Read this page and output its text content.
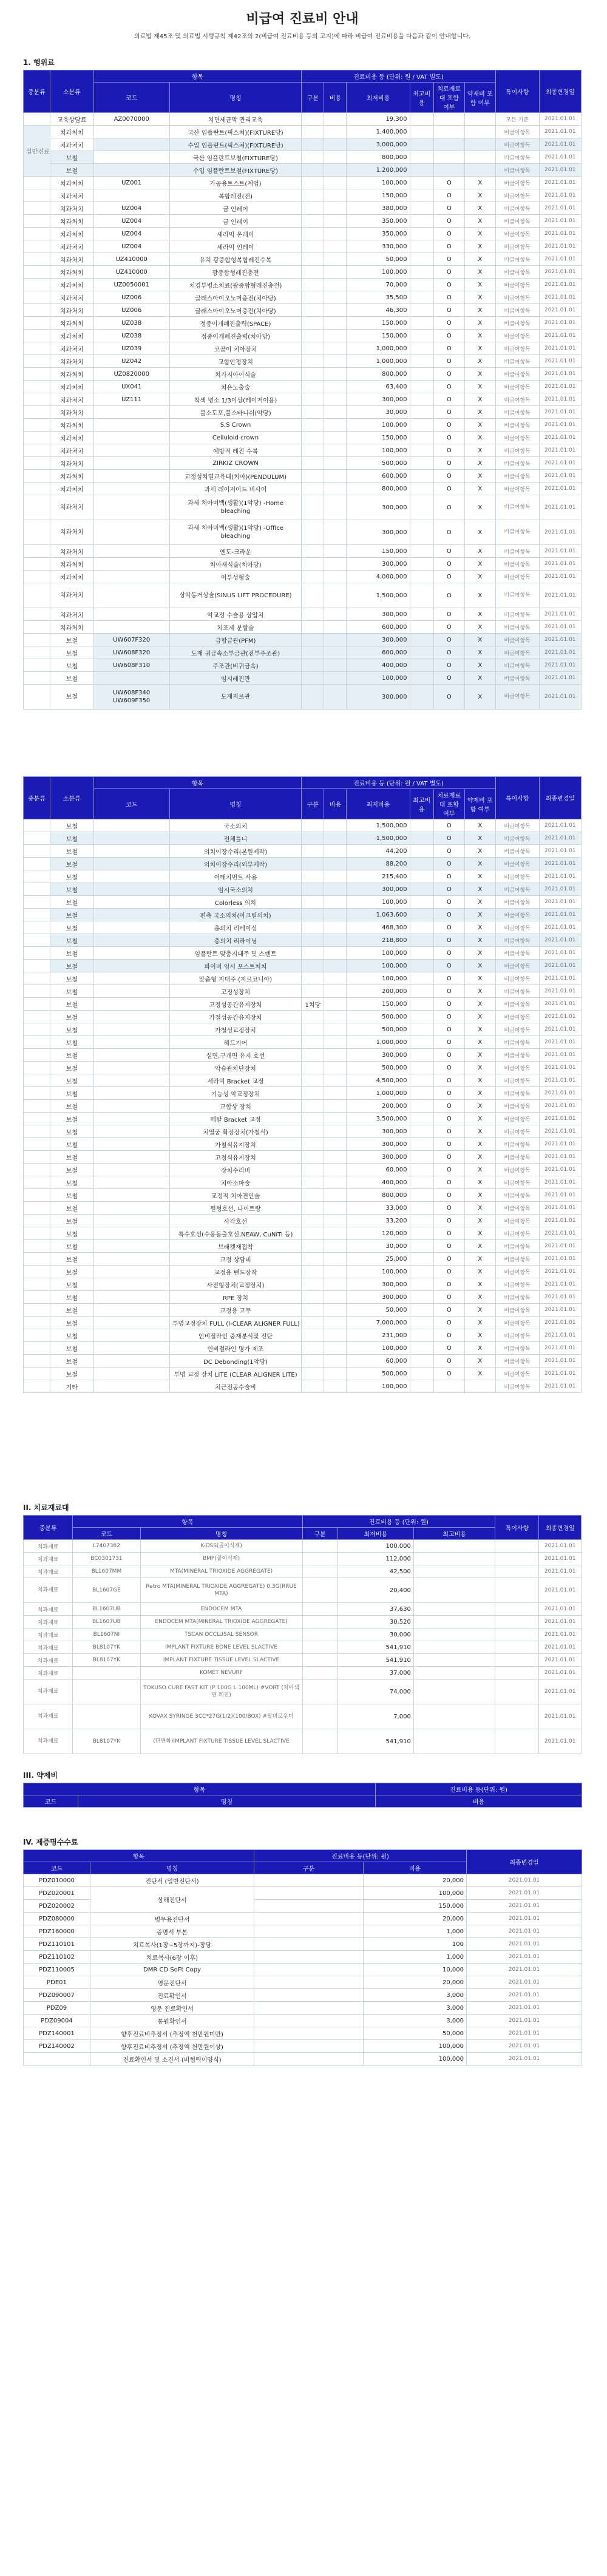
비급여 진료비 안내
의료법 제45조 및 의료법 시행규칙 제42조의 2(비급여 진료비용 등의 고지)에 따라 비급여 진료비용을 다음과 같이 안내합니다.
1. 행위료
중분류	소분류	항목		진료비용 등 (단위: 원 / VAT 별도)						특이사항	최종변경일
		코드	명칭	구분	비용	최저비용	최고비용	치료재료대 포함 여부	약제비 포함 여부		
	교육상담료	AZ0070000	치면세균막 관리교육			19,300				모든 기준	2021.01.01
일반진료	치과처치		국산 임플란트(픽스쳐)(FIXTURE당)			1,400,000				비급여항목	2021.01.01
	치과처치		수입 임플란트(픽스쳐)(FIXTURE당)			3,000,000				비급여항목	2021.01.01
	보철		국산 임플란트보철(FIXTURE당)			800,000				비급여항목	2021.01.01
	보철		수입 임플란트보철(FIXTURE당)			1,200,000				비급여항목	2021.01.01
	치과처치	UZ001	가공용트스트(계엄)			100,000		O	X	비급여항목	2021.01.01
	치과처치		복합레진(전)			150,000		O	X	비급여항목	2021.01.01
	치과처치	UZ004	금 인레이			380,000		O	X	비급여항목	2021.01.01
	치과처치	UZ004	금 인레이			350,000		O	X	비급여항목	2021.01.01
	치과처치	UZ004	세라믹 온레이			350,000		O	X	비급여항목	2021.01.01
	치과처치	UZ004	세라믹 인레이			330,000		O	X	비급여항목	2021.01.01
	치과처치	UZ410000	유치 광중합형복합레진수복			50,000		O	X	비급여항목	2021.01.01
	치과처치	UZ410000	광중합형레진충전			100,000		O	X	비급여항목	2021.01.01
	치과처치	UZ0050001	치경부병소치료(광중합형레진충전)			70,000		O	X	비급여항목	2021.01.01
	치과처치	UZ006	글래스아이오노머충전(치아당)			35,500		O	X	비급여항목	2021.01.01
	치과처치	UZ006	글래스아이오노머충전(치아당)			46,300		O	X	비급여항목	2021.01.01
	치과처치	UZ038	정중이개폐진출력(SPACE)			150,000		O	X	비급여항목	2021.01.01
	치과처치	UZ038	정중이개폐진출력(치아당)			150,000		O	X	비급여항목	2021.01.01
	치과처치	UZ039	코골이 치아장치			1,000,000		O	X	비급여항목	2021.01.01
	치과처치	UZ042	교합안정장치			1,000,000		O	X	비급여항목	2021.01.01
	치과처치	UZ0820000	치가지아이식술			800,000		O	X	비급여항목	2021.01.01
	치과처치	UX041	치은노출술			63,400		O	X	비급여항목	2021.01.01
	치과처치	UZ111	착색 병소 1/3이상(레이저이용)			300,000		O	X	비급여항목	2021.01.01
	치과처치		불소도포,불소바니쉬(악당)			30,000		O	X	비급여항목	2021.01.01
	치과처치		S.S Crown			100,000		O	X	비급여항목	2021.01.01
	치과처치		Celluloid crown			150,000		O	X	비급여항목	2021.01.01
	치과처치		예방적 레진 수복			100,000		O	X	비급여항목	2021.01.01
	치과처치		ZIRKIZ CROWN			500,000		O	X	비급여항목	2021.01.01
	치과처치		교정성치열교육태(치아)(PENDULUM)			600,000		O	X	비급여항목	2021.01.01
	치과처치		과세 레이저이드 비사어			800,000		O	X	비급여항목	2021.01.01
	치과처치		과세 치아미백(생활)(1악당) -Home bleaching			300,000		O	X	비급여항목	2021.01.01
	치과처치		과세 치아미백(생활)(1악당) -Office bleaching			300,000		O	X	비급여항목	2021.01.01
	치과처치		엔도-크라운			150,000		O	X	비급여항목	2021.01.01
	치과처치		치아재식술(치아당)			300,000		O	X	비급여항목	2021.01.01
	치과처치		이부성형술			4,000,000		O	X	비급여항목	2021.01.01
	치과처치		상악동거상술(SINUS LIFT PROCEDURE)			1,500,000		O	X	비급여항목	2021.01.01
	치과처치		악교정 수술용 상압치			300,000		O	X	비급여항목	2021.01.01
	치과처치		치조제 분할술			600,000		O	X	비급여항목	2021.01.01
	보철	UW607F320	금합금관(PFM)			300,000		O	X	비급여항목	2021.01.01
	보철	UW608F320	도재 귀금속소부금관(전부주조관)			600,000		O	X	비급여항목	2021.01.01
	보철	UW608F310	주조관(비귀금속)			400,000		O	X	비급여항목	2021.01.01
	보철		임시레진관			100,000		O	X	비급여항목	2021.01.01
	보철	UW608F340 UW609F350	도재지르관			300,000		O	X	비급여항목	2021.01.01
중분류	소분류	항목		진료비용 등 (단위: 원 / VAT 별도)						특이사항	최종변경일
		코드	명칭	구분	비용	최저비용	최고비용	치료재료대 포함 여부	약제비 포함 여부		
	보철		국소의치			1,500,000		O	X	비급여항목	2021.01.01
	보철		전체틀니			1,500,000		O	X	비급여항목	2021.01.01
	보철		의치이장수리(본원제작)			44,200		O	X	비급여항목	2021.01.01
	보철		의치이장수리(외부제작)			88,200		O	X	비급여항목	2021.01.01
	보철		어태치먼트 사용			215,400		O	X	비급여항목	2021.01.01
	보철		임시국소의치			300,000		O	X	비급여항목	2021.01.01
	보철		Colorless 의치			100,000		O	X	비급여항목	2021.01.01
	보철		편측 국소의치(아크릴의치)			1,063,600		O	X	비급여항목	2021.01.01
	보철		총의치 리베이싱			468,300		O	X	비급여항목	2021.01.01
	보철		총의치 리라이닝			218,800		O	X	비급여항목	2021.01.01
	보철		임플란트 맞춤지대주 및 스텐트			100,000		O	X	비급여항목	2021.01.01
	보철		파이버 임시 포스트처치			100,000		O	X	비급여항목	2021.01.01
	보철		맞춤형 지대주 (지르코니아)			100,000		O	X	비급여항목	2021.01.01
	보철		고정성장치			200,000		O	X	비급여항목	2021.01.01
	보철		고정성공간유지장치	1치당		150,000		O	X	비급여항목	2021.01.01
	보철		가철성공간유지장치			500,000		O	X	비급여항목	2021.01.01
	보철		가철성교정장치			500,000		O	X	비급여항목	2021.01.01
	보철		헤드기어			1,000,000		O	X	비급여항목	2021.01.01
	보철		설면,구개면 유지 호선			300,000		O	X	비급여항목	2021.01.01
	보철		악습관차단장치			500,000		O	X	비급여항목	2021.01.01
	보철		세라믹 Bracket 교정			4,500,000		O	X	비급여항목	2021.01.01
	보철		기능성 악교정장치			1,000,000		O	X	비급여항목	2021.01.01
	보철		교합상 장치			200,000		O	X	비급여항목	2021.01.01
	보철		메탈 Bracket 교정			3,500,000		O	X	비급여항목	2021.01.01
	보철		치열궁 확장장치(가철식)			300,000		O	X	비급여항목	2021.01.01
	보철		가철식유지장치			300,000		O	X	비급여항목	2021.01.01
	보철		고정식유지장치			300,000		O	X	비급여항목	2021.01.01
	보철		장치수리비			60,000		O	X	비급여항목	2021.01.01
	보철		치아소파술			400,000		O	X	비급여항목	2021.01.01
	보철		교정적 치아견인술			800,000		O	X	비급여항목	2021.01.01
	보철		원형호선, 나이트랑			33,000		O	X	비급여항목	2021.01.01
	보철		사각호선			33,200		O	X	비급여항목	2021.01.01
	보철		특수호선(수용돌출호선,NEAW, CuNiTi 등)			120,000		O	X	비급여항목	2021.01.01
	보철		브래켓재접착			30,000		O	X	비급여항목	2021.01.01
	보철		교정 상담비			25,000		O	X	비급여항목	2021.01.01
	보철		교정용 밴드장착			100,000		O	X	비급여항목	2021.01.01
	보철		사전형장치(교정장치)			300,000		O	X	비급여항목	2021.01.01
	보철		RPE 장치			300,000		O	X	비급여항목	2021.01.01
	보철		교정용 고무			50,000		O	X	비급여항목	2021.01.01
	보철		투명교정장치 FULL (I-CLEAR ALIGNER FULL)			7,000,000		O	X	비급여항목	2021.01.01
	보철		인비절라인 중재분석및 진단			231,000		O	X	비급여항목	2021.01.01
	보철		인비절라인 명가 제조			100,000		O	X	비급여항목	2021.01.01
	보철		DC Debonding(1악당)			60,000		O	X	비급여항목	2021.01.01
	보철		투명 교정 장치 LITE (CLEAR ALIGNER LITE)			500,000		O	X	비급여항목	2021.01.01
	기타		치근전공수술비			100,000				비급여항목	2021.01.01
II. 치료재료대
중분류	항목		진료비용 등 (단위: 원)			특이사항	최종변경일
	코드	명칭	구분	최저비용	최고비용		
치과재료	L7407382	K-DSS(골이식재)		100,000			2021.01.01
치과재료	BC0301731	BMP(골이식재)		112,000			2021.01.01
치과재료	BL1607MM	MTA(MINERAL TRIOXIDE AGGREGATE)		42,500			2021.01.01
치과재료	BL1607GE	Retro MTA(MINERAL TRIOXIDE AGGREGATE) 0.3G(RRUE MTA)		20,400			2021.01.01
치과재료	BL1607UB	ENDOCEM MTA		37,630			2021.01.01
치과재료	BL1607UB	ENDOCEM MTA(MINERAL TRIOXIDE AGGREGATE)		30,520			2021.01.01
치과재료	BL1607NI	TSCAN OCCLUSAL SENSOR		30,000			2021.01.01
치과재료	BL8107YK	IMPLANT FIXTURE BONE LEVEL SLACTIVE		541,910			2021.01.01
치과재료	BL8107YK	IMPLANT FIXTURE TISSUE LEVEL SLACTIVE		541,910			2021.01.01
치과재료		KOMET NEVURF		37,000			2021.01.01
치과재료		TOKUSO CURE FAST KIT (P 100G L 100ML) #VORT (치아색면 레진)		74,000			2021.01.01
치과재료		KOVAX SYRINGE 3CC*27G(1/2)(100/BOX) #팔비로우미		7,000			2021.01.01
치과재료	BL8107YK	(단면화)IMPLANT FIXTURE TISSUE LEVEL SLACTIVE		541,910			2021.01.01
III. 약제비
항목		진료비용 등(단위: 원)
코드	명칭	비용
IV. 제증명수수료
항목		진료비용 등(단위: 원)		최종변경일
코드	명칭	구분	비용	
PDZ010000	진단서 (일반진단서)		20,000	2021.01.01
PDZ020001	상해진단서		100,000	2021.01.01
PDZ020002			150,000	2021.01.01
PDZ080000	병무용진단서		20,000	2021.01.01
PDZ160000	증명서 부본		1,000	2021.01.01
PDZ110101	치료복사(1장~5장까지)-장당		100	2021.01.01
PDZ110102	치료복사(6장 이후)		1,000	2021.01.01
PDZ110005	DMR CD SoFt Copy		10,000	2021.01.01
PDE01	영문진단서		20,000	2021.01.01
PDZ090007	진료확인서		3,000	2021.01.01
PDZ09	영문 진료확인서		3,000	2021.01.01
PDZ09004	통원확인서		3,000	2021.01.01
PDZ140001	향후진료비추정서 (추정액 천만원미만)		50,000	2021.01.01
PDZ140002	향후진료비추정서 (추정액 천만원이상)		100,000	2021.01.01
	진료확인서 및 소견서 (비협력이양식)		100,000	2021.01.01
